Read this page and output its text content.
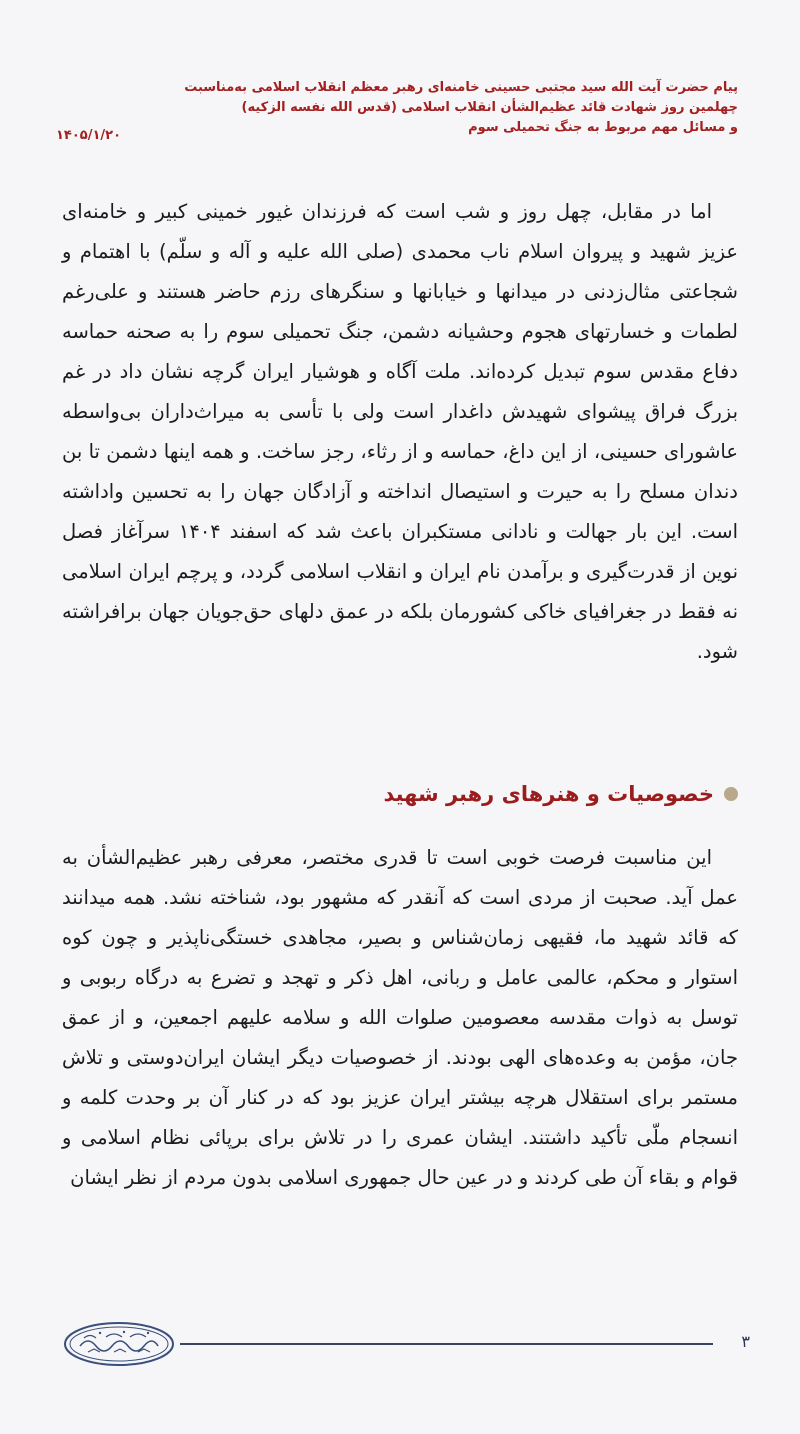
پیام حضرت آیت الله سید مجتبی حسینی خامنه‌ای رهبر معظم انقلاب اسلامی به‌مناسبت
چهلمین روز شهادت قائد عظیم‌الشأن انقلاب اسلامی (قدس الله نفسه الزکیه)
و مسائل مهم مربوط به جنگ تحمیلی سوم
۱۴۰۵/۱/۲۰
اما در مقابل، چهل روز و شب است که فرزندان غیور خمینی کبیر و خامنه‌ای عزیز شهید و پیروان اسلام ناب محمدی (صلی الله علیه و آله و سلّم) با اهتمام و شجاعتی مثال‌زدنی در میدانها و خیابانها و سنگرهای رزم حاضر هستند و علی‌رغم لطمات و خسارتهای هجوم وحشیانه دشمن، جنگ تحمیلی سوم را به صحنه حماسه دفاع مقدس سوم تبدیل کرده‌اند. ملت آگاه و هوشیار ایران گرچه نشان داد در غم بزرگ فراق پیشوای شهیدش داغدار است ولی با تأسی به میراث‌داران بی‌واسطه عاشورای حسینی، از این داغ، حماسه و از رثاء، رجز ساخت. و همه اینها دشمن تا بن دندان مسلح را به حیرت و استیصال انداخته و آزادگان جهان را به تحسین واداشته است. این بار جهالت و نادانی مستکبران باعث شد که اسفند ۱۴۰۴ سرآغاز فصل نوین از قدرت‌گیری و برآمدن نام ایران و انقلاب اسلامی گردد، و پرچم ایران اسلامی نه فقط در جغرافیای خاکی کشورمان بلکه در عمق دلهای حق‌جویان جهان برافراشته شود.
خصوصیات و هنرهای رهبر شهید
این مناسبت فرصت خوبی است تا قدری مختصر، معرفی رهبر عظیم‌الشأن به عمل آید. صحبت از مردی است که آنقدر که مشهور بود، شناخته نشد. همه میدانند که قائد شهید ما، فقیهی زمان‌شناس و بصیر، مجاهدی خستگی‌ناپذیر و چون کوه استوار و محکم، عالمی عامل و ربانی، اهل ذکر و تهجد و تضرع به درگاه ربوبی و توسل به ذوات مقدسه معصومین صلوات الله و سلامه علیهم اجمعین، و از عمق جان، مؤمن به وعده‌های الهی بودند. از خصوصیات دیگر ایشان ایران‌دوستی و تلاش مستمر برای استقلال هرچه بیشتر ایران عزیز بود که در کنار آن بر وحدت کلمه و انسجام ملّی تأکید داشتند. ایشان عمری را در تلاش برای برپائی نظام اسلامی و قوام و بقاء آن طی کردند و در عین حال جمهوری اسلامی بدون مردم از نظر ایشان
۳
